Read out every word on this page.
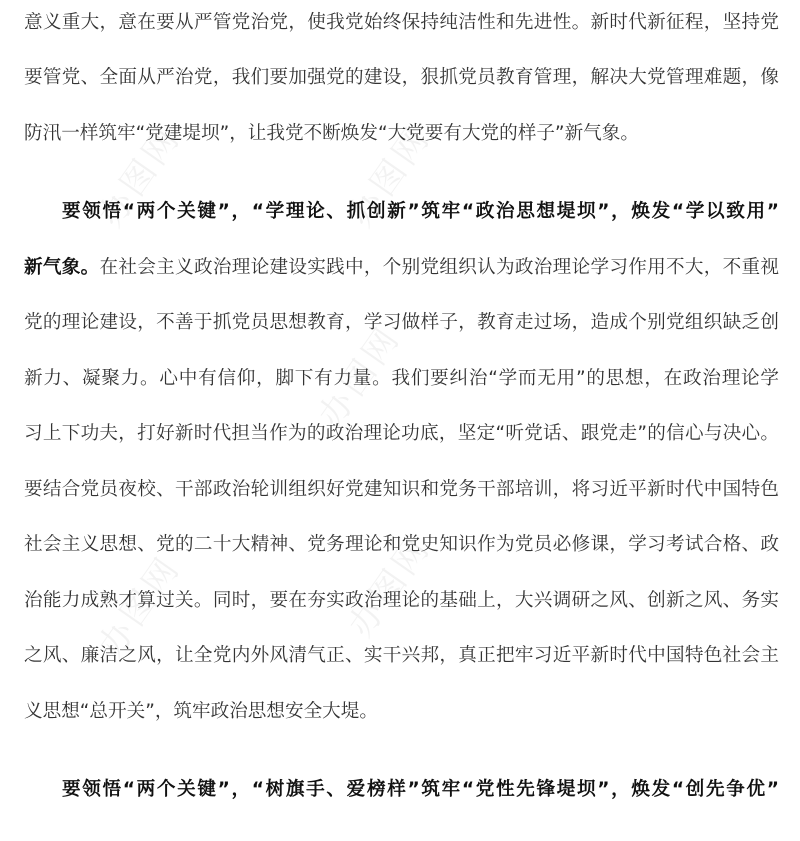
办图网	办图网
办图网
办图网	办图网
意义重大，意在要从严管党治党，使我党始终保持纯洁性和先进性。新时代新征程，坚持党
要管党、全面从严治党，我们要加强党的建设，狠抓党员教育管理，解决大党管理难题，像
防汛一样筑牢“党建堤坝”，让我党不断焕发“大党要有大党的样子”新气象。
要领悟“两个关键”，“学理论、抓创新”筑牢“政治思想堤坝”，焕发“学以致用”
新气象。在社会主义政治理论建设实践中，个别党组织认为政治理论学习作用不大，不重视
党的理论建设，不善于抓党员思想教育，学习做样子，教育走过场，造成个别党组织缺乏创
新力、凝聚力。心中有信仰，脚下有力量。我们要纠治“学而无用”的思想，在政治理论学
习上下功夫，打好新时代担当作为的政治理论功底，坚定“听党话、跟党走”的信心与决心。
要结合党员夜校、干部政治轮训组织好党建知识和党务干部培训，将习近平新时代中国特色
社会主义思想、党的二十大精神、党务理论和党史知识作为党员必修课，学习考试合格、政
治能力成熟才算过关。同时，要在夯实政治理论的基础上，大兴调研之风、创新之风、务实
之风、廉洁之风，让全党内外风清气正、实干兴邦，真正把牢习近平新时代中国特色社会主
义思想“总开关”，筑牢政治思想安全大堤。
要领悟“两个关键”，“树旗手、爱榜样”筑牢“党性先锋堤坝”，焕发“创先争优”
